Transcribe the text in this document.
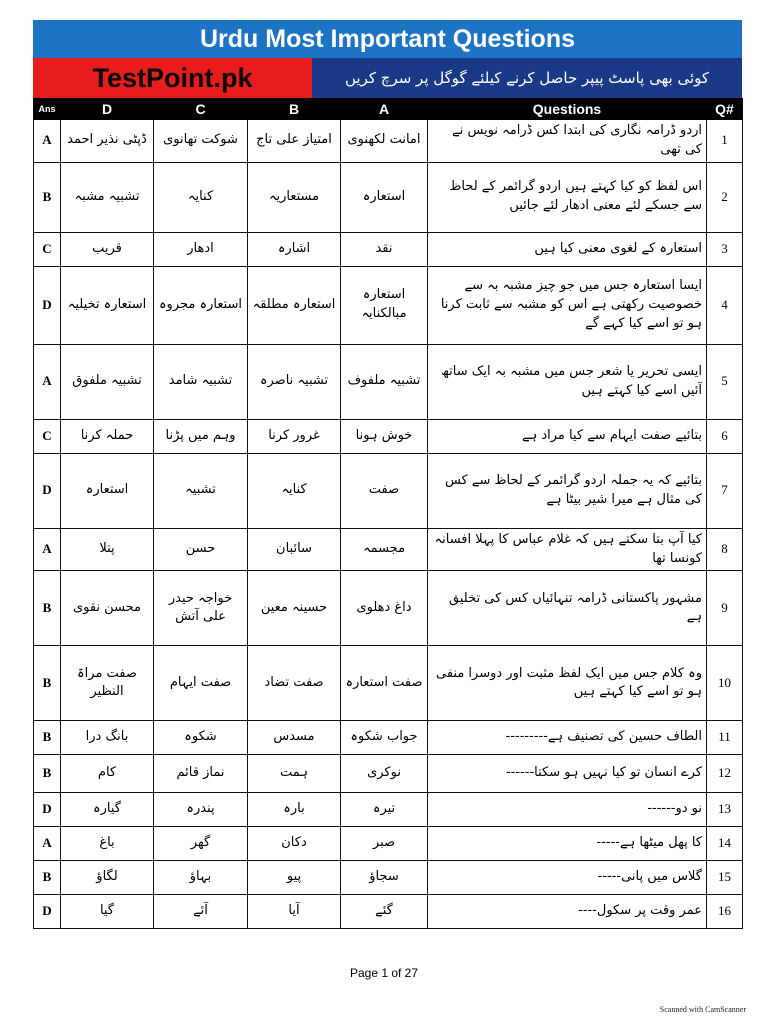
Urdu Most Important Questions
TestPoint.pk	کوئی بھی پاسٹ پیپر حاصل کرنے کیلئے گوگل پر سرچ کریں
Ans	D	C	B	A	Questions	Q#
A	ڈپٹی نذیر احمد	شوکت تھانوی	امتیاز علی تاج	امانت لکھنوی	اردو ڈرامہ نگاری کی ابتدا کس ڈرامہ نویس نے کی تھی	1
B	تشبیہ مشبہ	کنایہ	مستعاریہ	استعارہ	اس لفظ کو کیا کہتے ہیں اردو گرائمر کے لحاظ سے جسکے لئے معنی ادھار لئے جائیں	2
C	قریب	ادھار	اشارہ	نقد	استعارہ کے لغوی معنی کیا ہیں	3
D	استعارہ تخیلیہ	استعارہ مجروہ	استعارہ مطلقہ	استعارہ مبالکنایہ	ایسا استعارہ جس میں جو چیز مشبہ بہ سے خصوصیت رکھتی ہے اس کو مشبہ سے ثابت کرنا ہو تو اسے کیا کہے گے	4
A	تشبیہ ملفوق	تشبیہ شامد	تشبیہ ناصرہ	تشبیہ ملفوف	ایسی تحریر یا شعر جس میں مشبہ بہ ایک ساتھ آئیں اسے کیا کہتے ہیں	5
C	حملہ کرنا	وہم میں پڑنا	غرور کرنا	خوش ہونا	بتائیے صفت ایہام سے کیا مراد ہے	6
D	استعارہ	تشبیہ	کنایہ	صفت	بتائیے کہ یہ جملہ اردو گرائمر کے لحاظ سے کس کی مثال ہے میرا شیر بیٹا ہے	7
A	پتلا	حسن	سائبان	مجسمہ	کیا آپ بتا سکتے ہیں کہ غلام عباس کا پہلا افسانہ کونسا تھا	8
B	محسن نقوی	خواجہ حیدر علی آتش	حسینہ معین	داغ دھلوی	مشہور پاکستانی ڈرامہ تنہائیاں کس کی تخلیق ہے	9
B	صفت مراۃ النظیر	صفت ایہام	صفت تضاد	صفت استعارہ	وہ کلام جس میں ایک لفظ مثبت اور دوسرا منفی ہو تو اسے کیا کہتے ہیں	10
B	بانگ درا	شکوہ	مسدس	جواب شکوہ	الطاف حسین کی تصنیف ہے---------	11
B	کام	نماز قائم	ہمت	نوکری	کرے انسان تو کیا نہیں ہو سکتا------	12
D	گیارہ	پندرہ	بارہ	تیرہ	نو دو------	13
A	باغ	گھر	دکان	صبر	کا پھل میٹھا ہے-----	14
B	لگاؤ	بہاؤ	پیو	سجاؤ	گلاس میں پانی-----	15
D	گیا	آئے	آیا	گئے	عمر وقت پر سکول----	16
Page 1 of 27
Scanned with CamScanner
